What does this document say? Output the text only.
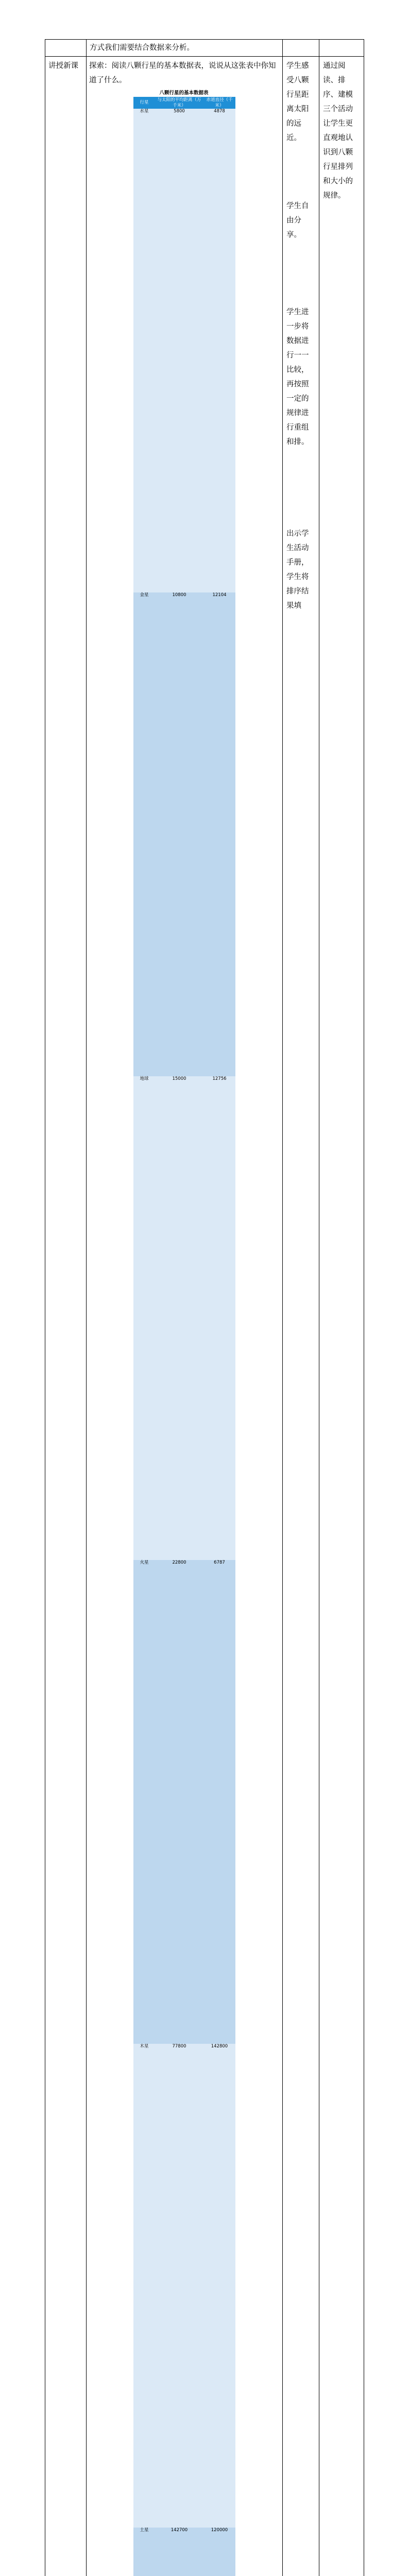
方式我们需要结合数据来分析。

讲授新课	探索：阅读八颗行星的基本数据表，说说从这张表中你知道了什么。

八颗行星的基本数据表
行星	与太阳的平均距离（万千米）	赤道直径（千米）
水星	5800	4878
金星	10800	12104
地球	15000	12756
火星	22800	6787
木星	77800	142800
土星	142700	120000

学生感受八颗行星距离太阳的远近。

学生自由分享。

学生进一步将数据进行一一比较，再按照一定的规律进行重组和排。

出示学生活动手册，学生将排序结果填

通过阅读、排序、建模三个活动让学生更直观地认识到八颗行星排列和大小的规律。
